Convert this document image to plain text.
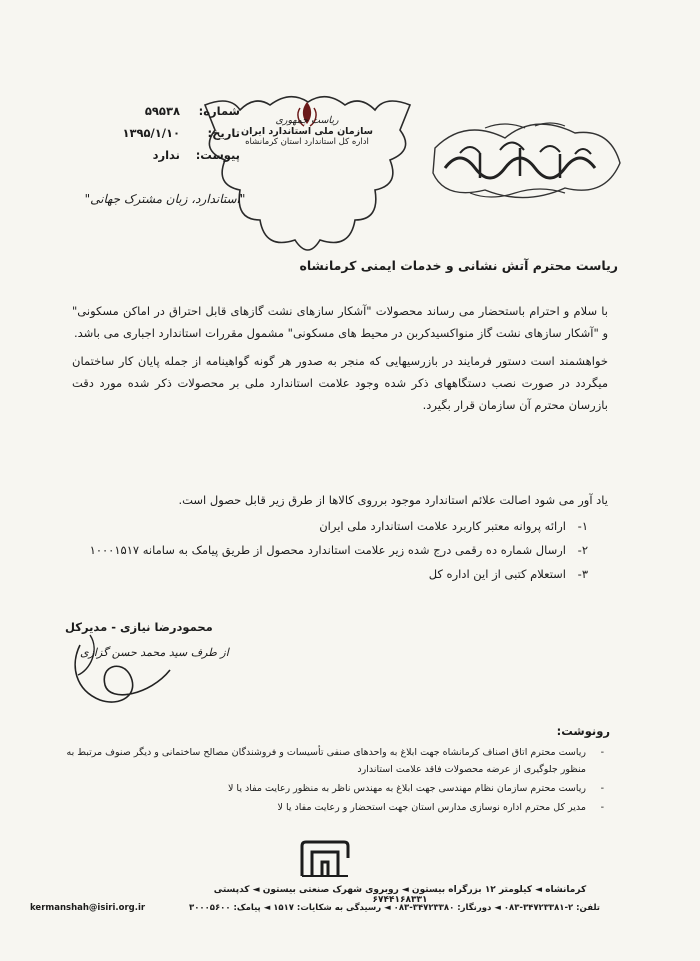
ریاست جمهوری
سازمان ملی استاندارد ایران
اداره کل استاندارد استان کرمانشاه
شماره:
۵۹۵۳۸
تاریخ:
۱۳۹۵/۱/۱۰
پیوست:
ندارد
"استاندارد، زبان مشترک جهانی"
ریاست محترم آتش نشانی و خدمات ایمنی کرمانشاه

با سلام و احترام باستحضار می رساند محصولات "آشکار سازهای نشت گازهای قابل احتراق در اماکن مسکونی" و "آشکار سازهای نشت گاز منواکسیدکربن در محیط های مسکونی" مشمول مقررات استاندارد اجباری می باشد.

خواهشمند است دستور فرمایند در بازرسیهایی که منجر به صدور هر گونه گواهینامه از جمله پایان کار ساختمان میگردد در صورت نصب دستگاههای ذکر شده وجود علامت استاندارد ملی بر محصولات ذکر شده مورد دقت بازرسان محترم آن سازمان قرار بگیرد.

یاد آور می شود اصالت علائم استاندارد موجود برروی کالاها از طرق زیر قابل حصول است.

۱-
ارائه پروانه معتبر کاربرد علامت استاندارد ملی ایران
۲-
ارسال شماره ده رقمی درج شده زیر علامت استاندارد محصول از طریق پیامک به سامانه ۱۰۰۰۱۵۱۷
۳-
استعلام کتبی از این اداره کل
محمودرضا نیازی - مدیرکل
از طرف سید محمد حسن گزازی
رونوشت:
- ریاست محترم اتاق اصناف کرمانشاه جهت ابلاغ به واحدهای صنفی تأسیسات و فروشندگان مصالح ساختمانی و دیگر صنوف مرتبط به منظور جلوگیری از عرضه محصولات فاقد علامت استاندارد
- ریاست محترم سازمان نظام مهندسی جهت ابلاغ به مهندس ناظر به منظور رعایت مفاد یا لا
- مدیر کل محترم اداره نوسازی مدارس استان جهت استحضار و رعایت مفاد یا لا
کرمانشاه ◄ کیلومتر ۱۲ بزرگراه بیستون ◄ روبروی شهرک صنعتی بیستون ◄ کدپستی ۶۷۴۴۱۶۸۳۳۱
kermanshah@isiri.org.ir	تلفن: ۲-۳۴۷۲۳۳۸۱-۰۸۳ ◄ دورنگار: ۳۴۷۲۳۳۸۰-۰۸۳ ◄ رسیدگی به شکایات: ۱۵۱۷ ◄ پیامک: ۳۰۰۰۵۶۰۰
